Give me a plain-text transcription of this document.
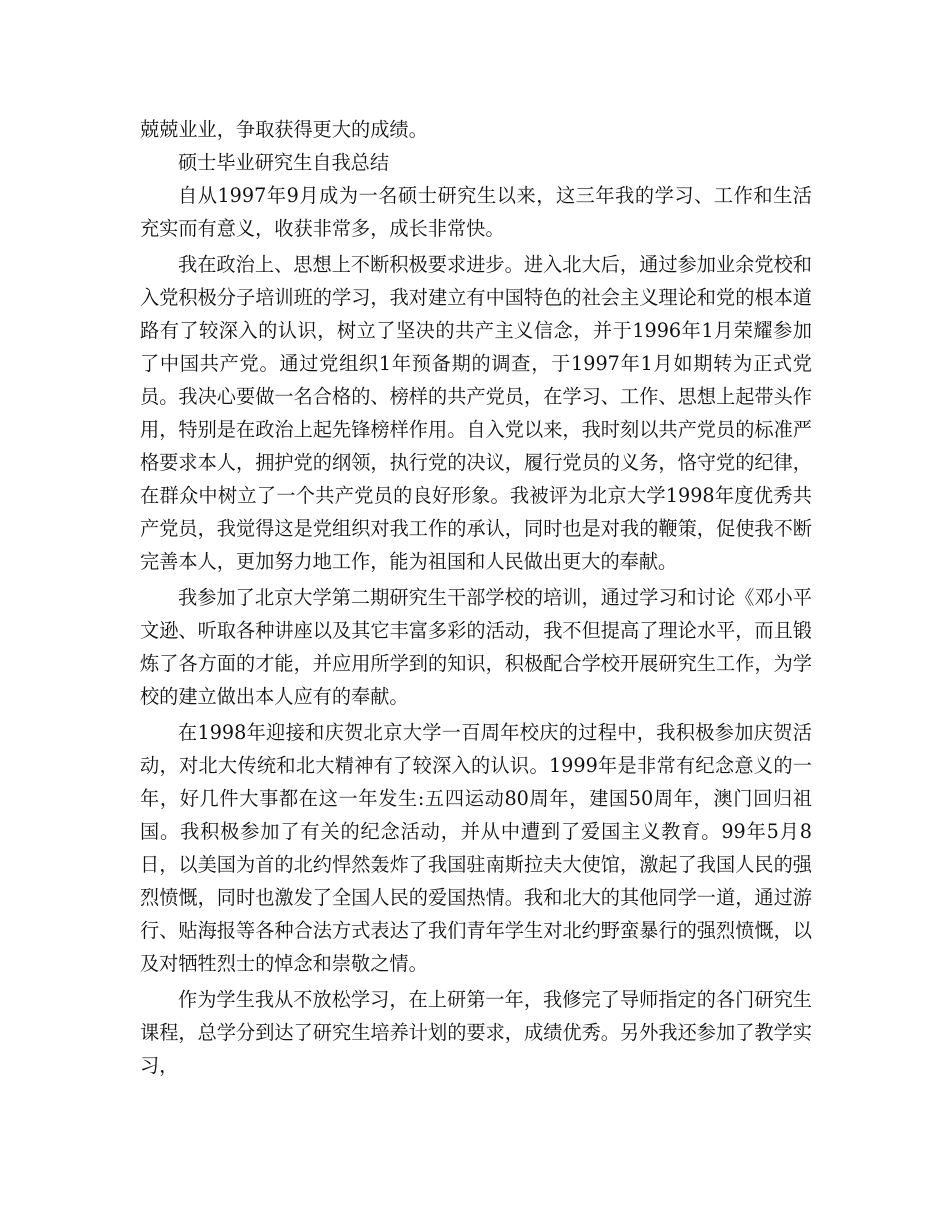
兢兢业业，争取获得更大的成绩。

硕士毕业研究生自我总结

自从1997年9月成为一名硕士研究生以来，这三年我的学习、工作和生活充实而有意义，收获非常多，成长非常快。

我在政治上、思想上不断积极要求进步。进入北大后，通过参加业余党校和入党积极分子培训班的学习，我对建立有中国特色的社会主义理论和党的根本道路有了较深入的认识，树立了坚决的共产主义信念，并于1996年1月荣耀参加了中国共产党。通过党组织1年预备期的调查，于1997年1月如期转为正式党员。我决心要做一名合格的、榜样的共产党员，在学习、工作、思想上起带头作用，特别是在政治上起先锋榜样作用。自入党以来，我时刻以共产党员的标准严格要求本人，拥护党的纲领，执行党的决议，履行党员的义务，恪守党的纪律，在群众中树立了一个共产党员的良好形象。我被评为北京大学1998年度优秀共产党员，我觉得这是党组织对我工作的承认，同时也是对我的鞭策，促使我不断完善本人，更加努力地工作，能为祖国和人民做出更大的奉献。

我参加了北京大学第二期研究生干部学校的培训，通过学习和讨论《邓小平文逊、听取各种讲座以及其它丰富多彩的活动，我不但提高了理论水平，而且锻炼了各方面的才能，并应用所学到的知识，积极配合学校开展研究生工作，为学校的建立做出本人应有的奉献。

在1998年迎接和庆贺北京大学一百周年校庆的过程中，我积极参加庆贺活动，对北大传统和北大精神有了较深入的认识。1999年是非常有纪念意义的一年，好几件大事都在这一年发生:五四运动80周年，建国50周年，澳门回归祖国。我积极参加了有关的纪念活动，并从中遭到了爱国主义教育。99年5月8日，以美国为首的北约悍然轰炸了我国驻南斯拉夫大使馆，激起了我国人民的强烈愤慨，同时也激发了全国人民的爱国热情。我和北大的其他同学一道，通过游行、贴海报等各种合法方式表达了我们青年学生对北约野蛮暴行的强烈愤慨，以及对牺牲烈士的悼念和崇敬之情。

作为学生我从不放松学习，在上研第一年，我修完了导师指定的各门研究生课程，总学分到达了研究生培养计划的要求，成绩优秀。另外我还参加了教学实习，
